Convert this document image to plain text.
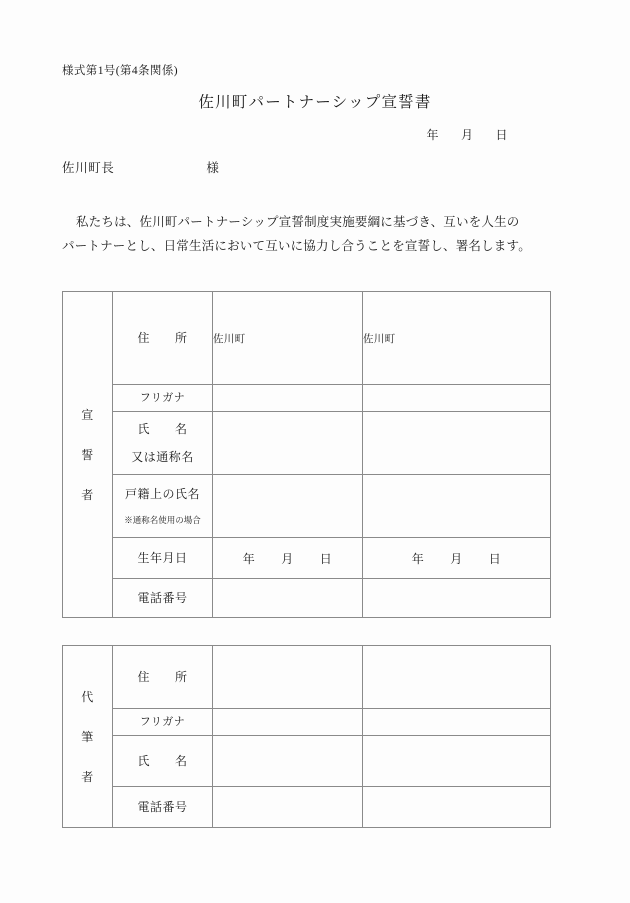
様式第1号(第4条関係)
佐川町パートナーシップ宣誓書
年 月 日
佐川町長	様
私たちは、佐川町パートナーシップ宣誓制度実施要綱に基づき、互いを人生の
パートナーとし、日常生活において互いに協力し合うことを宣誓し、署名します。
宣
誓
者	住　　所	佐川町	佐川町
	フリガナ		
	氏　　名
又は通称名		

	戸籍上の氏名
※通称名使用の場合		

	生年月日	年 月 日	年 月 日
	電話番号		
代
筆
者	住　　所		
	フリガナ		
	氏　　名		
	電話番号		
